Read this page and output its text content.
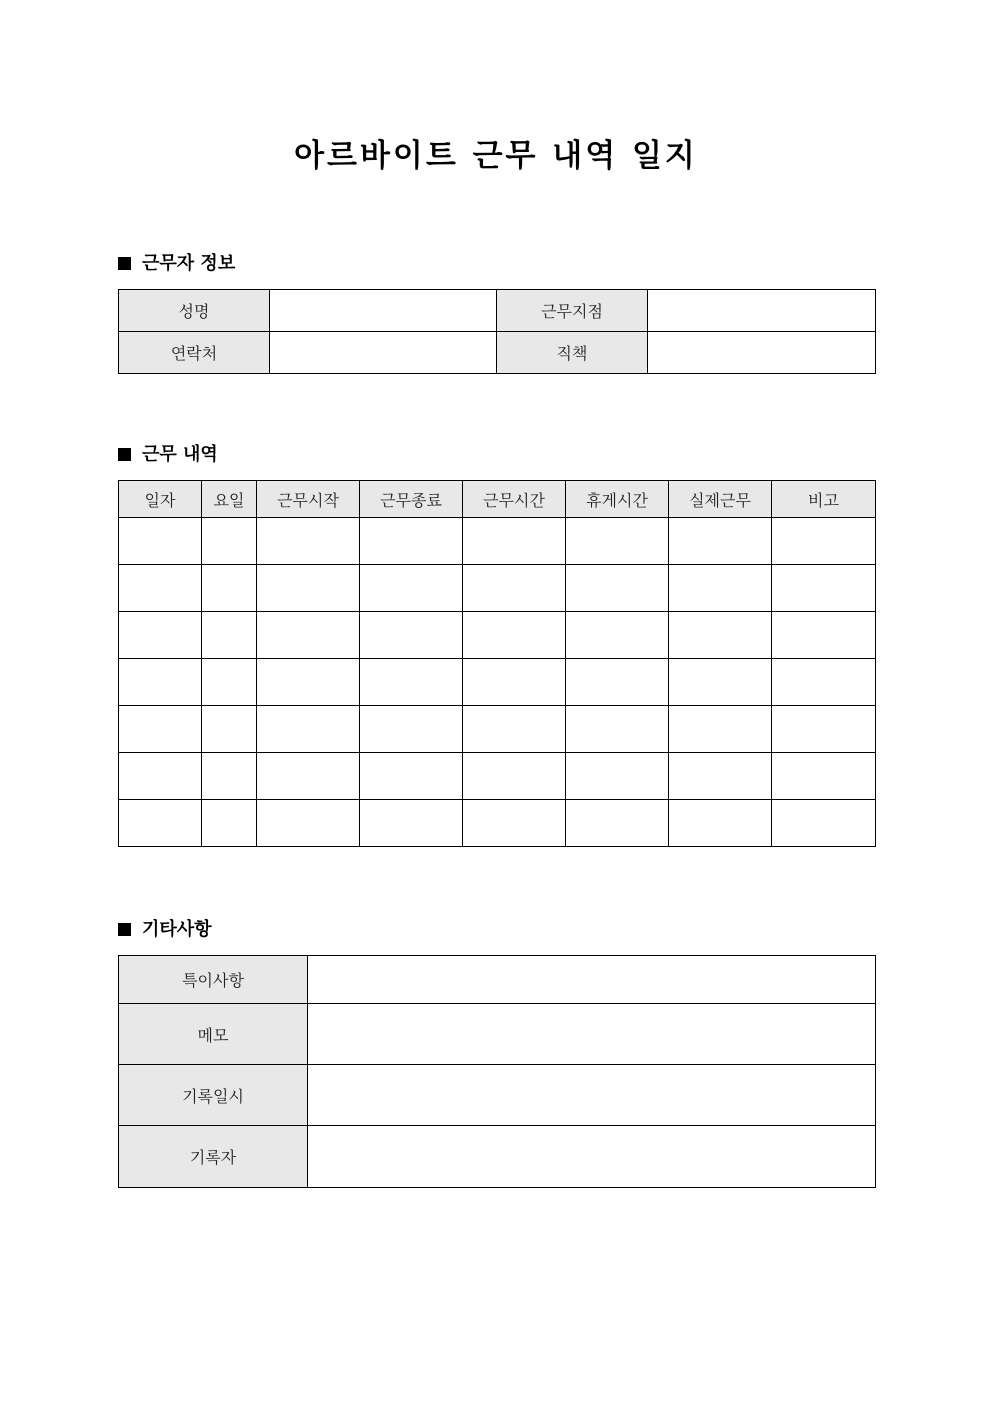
아르바이트 근무 내역 일지
근무자 정보
성명		근무지점	
연락처		직책	
근무 내역
일자	요일	근무시작	근무종료	근무시간	휴게시간	실제근무	비고

기타사항
특이사항	
메모	
기록일시	
기록자	
